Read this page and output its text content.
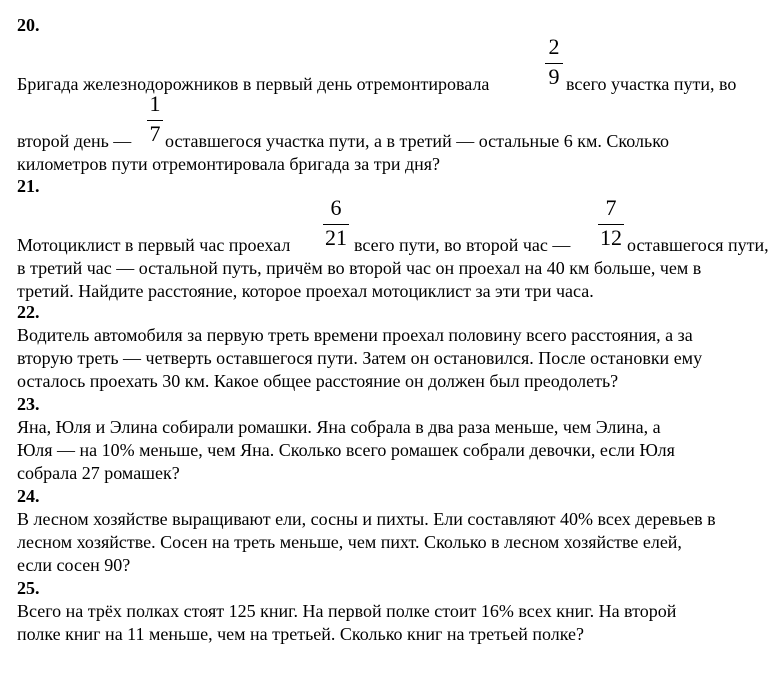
20.
Бригада железнодорожников в первый день отремонтировала
2
9 всего участка пути, во
второй день —
1
7 оставшегося участка пути, а в третий — остальные 6 км. Сколько
километров пути отремонтировала бригада за три дня?
21.
Мотоциклист в первый час проехал
6
21 всего пути, во второй час —
7
12 оставшегося пути,
в третий час — остальной путь, причём во второй час он проехал на 40 км больше, чем в
третий. Найдите расстояние, которое проехал мотоциклист за эти три часа.
22.
Водитель автомобиля за первую треть времени проехал половину всего расстояния, а за
вторую треть — четверть оставшегося пути. Затем он остановился. После остановки ему
осталось проехать 30 км. Какое общее расстояние он должен был преодолеть?
23.
Яна, Юля и Элина собирали ромашки. Яна собрала в два раза меньше, чем Элина, а
Юля — на 10% меньше, чем Яна. Сколько всего ромашек собрали девочки, если Юля
собрала 27 ромашек?
24.
В лесном хозяйстве выращивают ели, сосны и пихты. Ели составляют 40% всех деревьев в
лесном хозяйстве. Сосен на треть меньше, чем пихт. Сколько в лесном хозяйстве елей,
если сосен 90?
25.
Всего на трёх полках стоят 125 книг. На первой полке стоит 16% всех книг. На второй
полке книг на 11 меньше, чем на третьей. Сколько книг на третьей полке?
